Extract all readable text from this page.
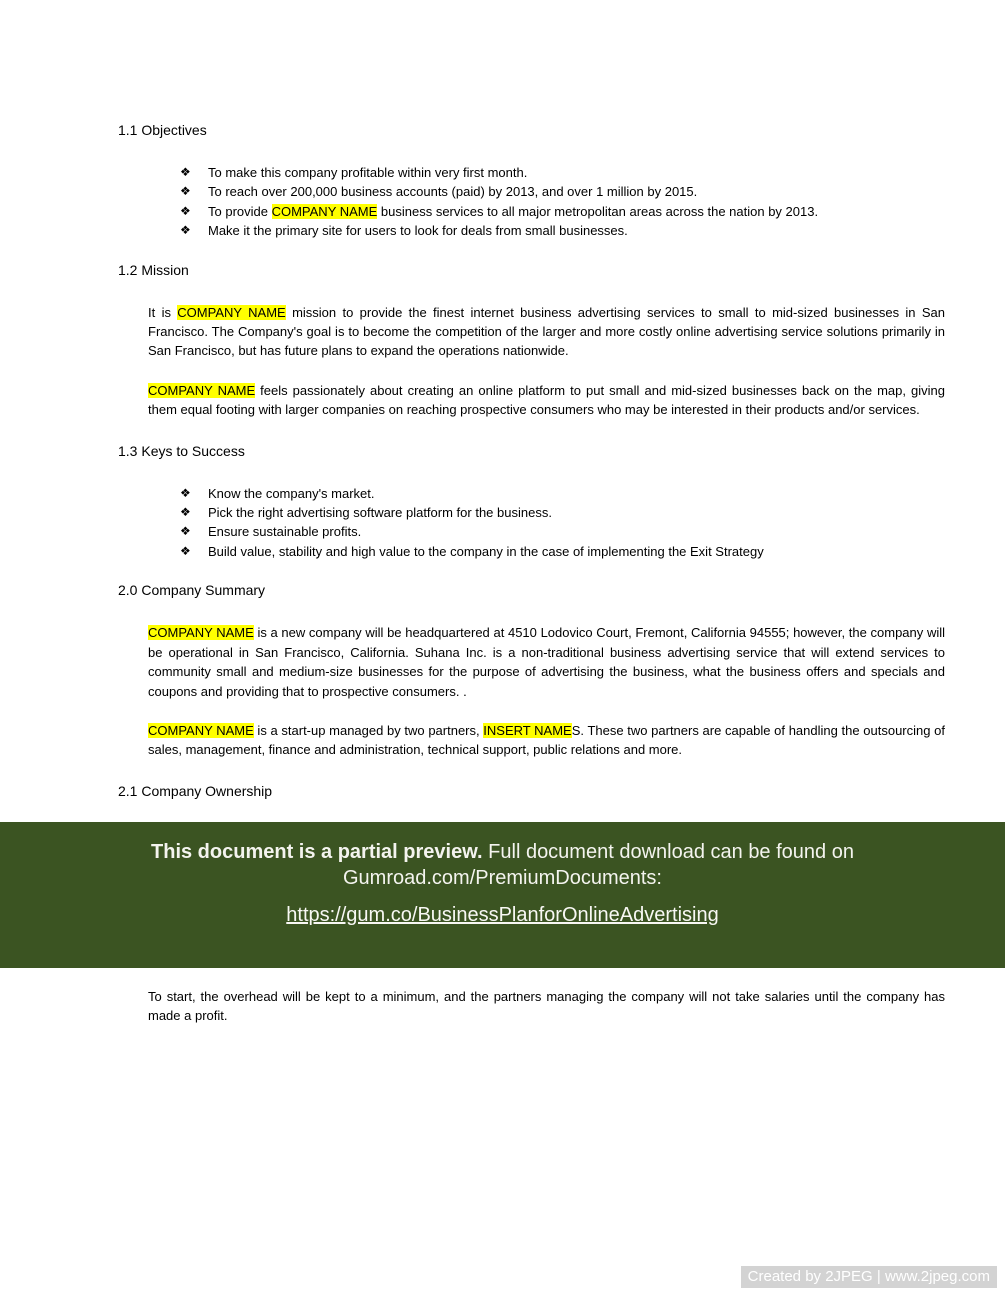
1.1 Objectives
❖ To make this company profitable within very first month.
❖ To reach over 200,000 business accounts (paid) by 2013, and over 1 million by 2015.
❖ To provide COMPANY NAME business services to all major metropolitan areas across the nation by 2013.
❖ Make it the primary site for users to look for deals from small businesses.
1.2 Mission

It is COMPANY NAME mission to provide the finest internet business advertising services to small to mid-sized businesses in San Francisco. The Company's goal is to become the competition of the larger and more costly online advertising service solutions primarily in San Francisco, but has future plans to expand the operations nationwide.

COMPANY NAME feels passionately about creating an online platform to put small and mid-sized businesses back on the map, giving them equal footing with larger companies on reaching prospective consumers who may be interested in their products and/or services.

1.3 Keys to Success
❖ Know the company's market.
❖ Pick the right advertising software platform for the business.
❖ Ensure sustainable profits.
❖ Build value, stability and high value to the company in the case of implementing the Exit Strategy
2.0 Company Summary

COMPANY NAME is a new company will be headquartered at 4510 Lodovico Court, Fremont, California 94555; however, the company will be operational in San Francisco, California. Suhana Inc. is a non-traditional business advertising service that will extend services to community small and medium-size businesses for the purpose of advertising the business, what the business offers and specials and coupons and providing that to prospective consumers. .

COMPANY NAME is a start-up managed by two partners, INSERT NAMES. These two partners are capable of handling the outsourcing of sales, management, finance and administration, technical support, public relations and more.

2.1 Company Ownership
This document is a partial preview. Full document download can be found on
Gumroad.com/PremiumDocuments:
https://gum.co/BusinessPlanforOnlineAdvertising

To start, the overhead will be kept to a minimum, and the partners managing the company will not take salaries until the company has made a profit.

Created by 2JPEG | www.2jpeg.com
